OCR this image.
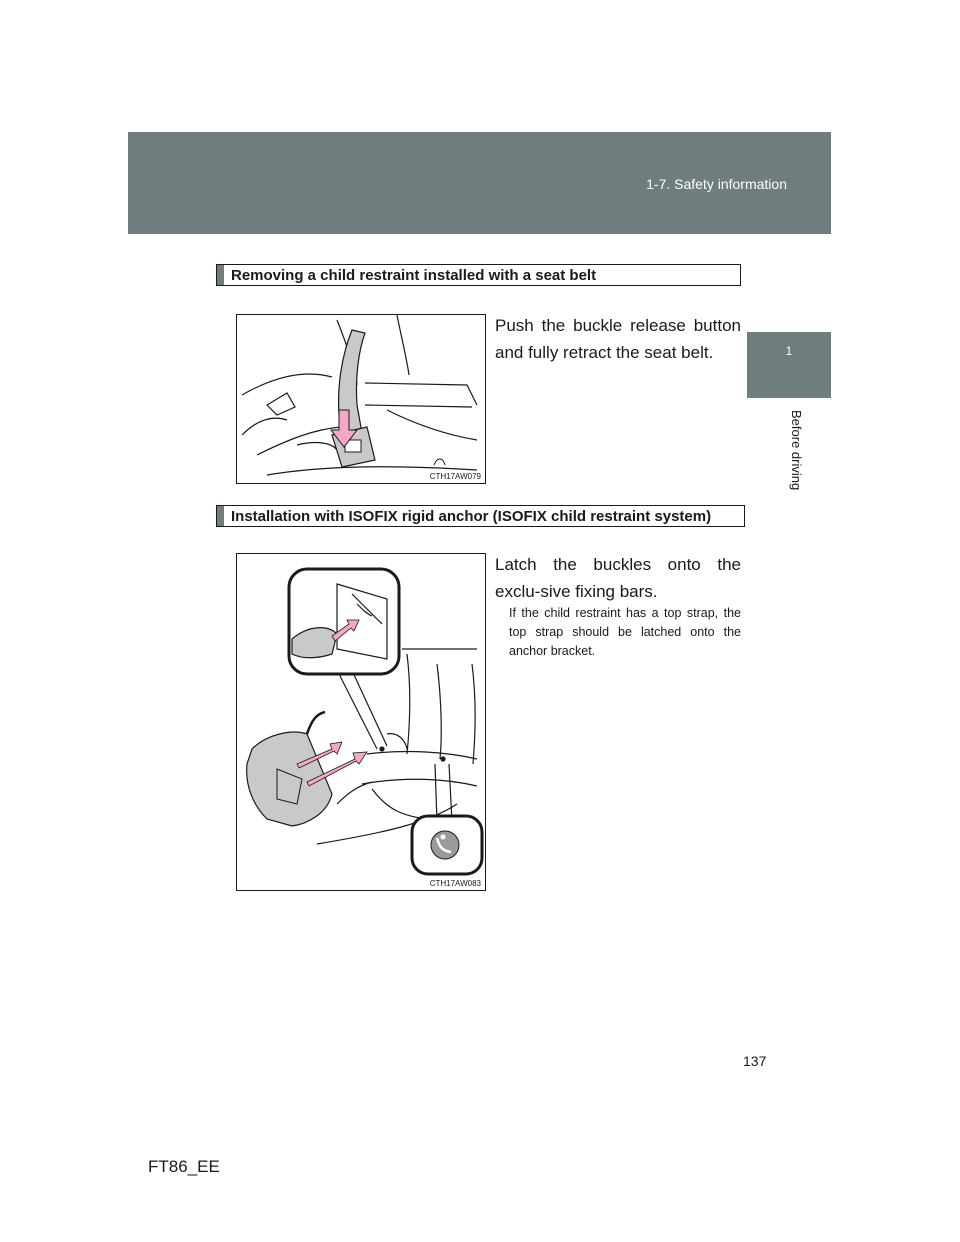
1-7. Safety information
1
Before driving
Removing a child restraint installed with a seat belt
CTH17AW079
Push the buckle release button and fully retract the seat belt.
Installation with ISOFIX rigid anchor (ISOFIX child restraint system)
CTH17AW083
Latch the buckles onto the exclu-sive fixing bars.
If the child restraint has a top strap, the top strap should be latched onto the anchor bracket.
137
FT86_EE
